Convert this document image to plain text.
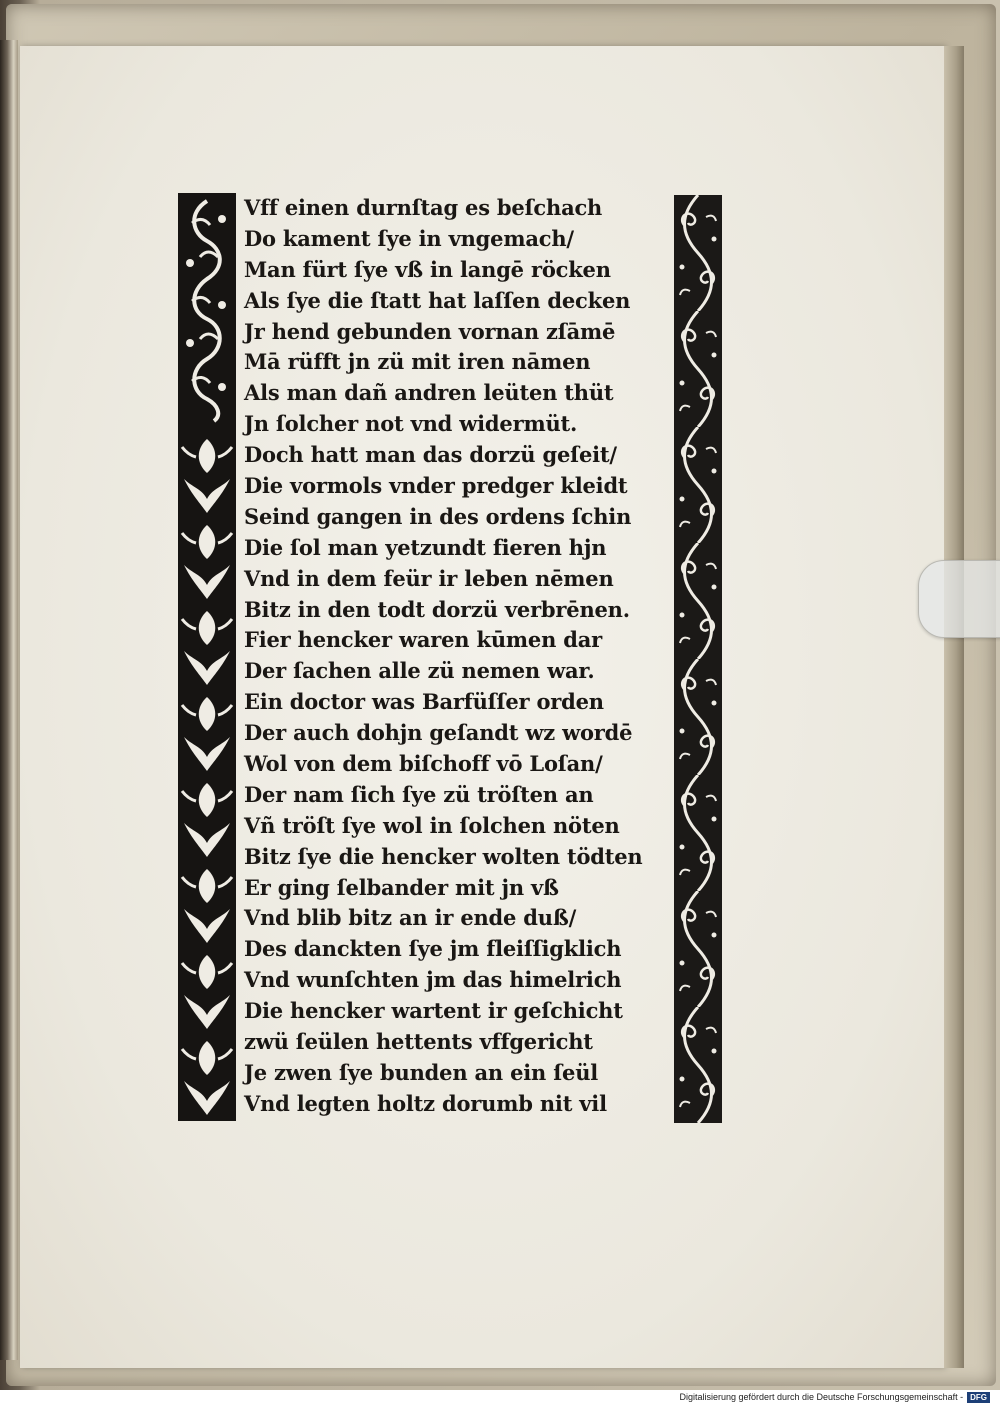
Vff einen durnſtag es beſchach
Do kament ſye in vngemach/
Man fürt ſye vß in langē röcken
Als ſye die ſtatt hat laſſen decken
Jr hend gebunden vornan zſāmē
Mā rüfft jn zü mit iren nāmen
Als man dañ andren leüten thüt
Jn ſolcher not vnd widermüt.
Doch hatt man das dorzü geſeit/
Die vormols vnder predger kleidt
Seind gangen in des ordens ſchin
Die ſol man yetzundt fieren hjn
Vnd in dem feür ir leben nēmen
Bitz in den todt dorzü verbrēnen.
Fier hencker waren kūmen dar
Der ſachen alle zü nemen war.
Ein doctor was Barfüſſer orden
Der auch dohjn geſandt wz wordē
Wol von dem biſchoff vō Loſan/
Der nam ſich ſye zü tröſten an
Vñ tröſt ſye wol in ſolchen nöten
Bitz ſye die hencker wolten tödten
Er ging ſelbander mit jn vß
Vnd blib bitz an ir ende duß/
Des danckten ſye jm fleiſſigklich
Vnd wunſchten jm das himelrich
Die hencker wartent ir geſchicht
zwü ſeülen hettents vffgericht
Je zwen ſye bunden an ein ſeül
Vnd legten holtz dorumb nit vil
Digitalisierung gefördert durch die Deutsche Forschungsgemeinschaft - DFG
